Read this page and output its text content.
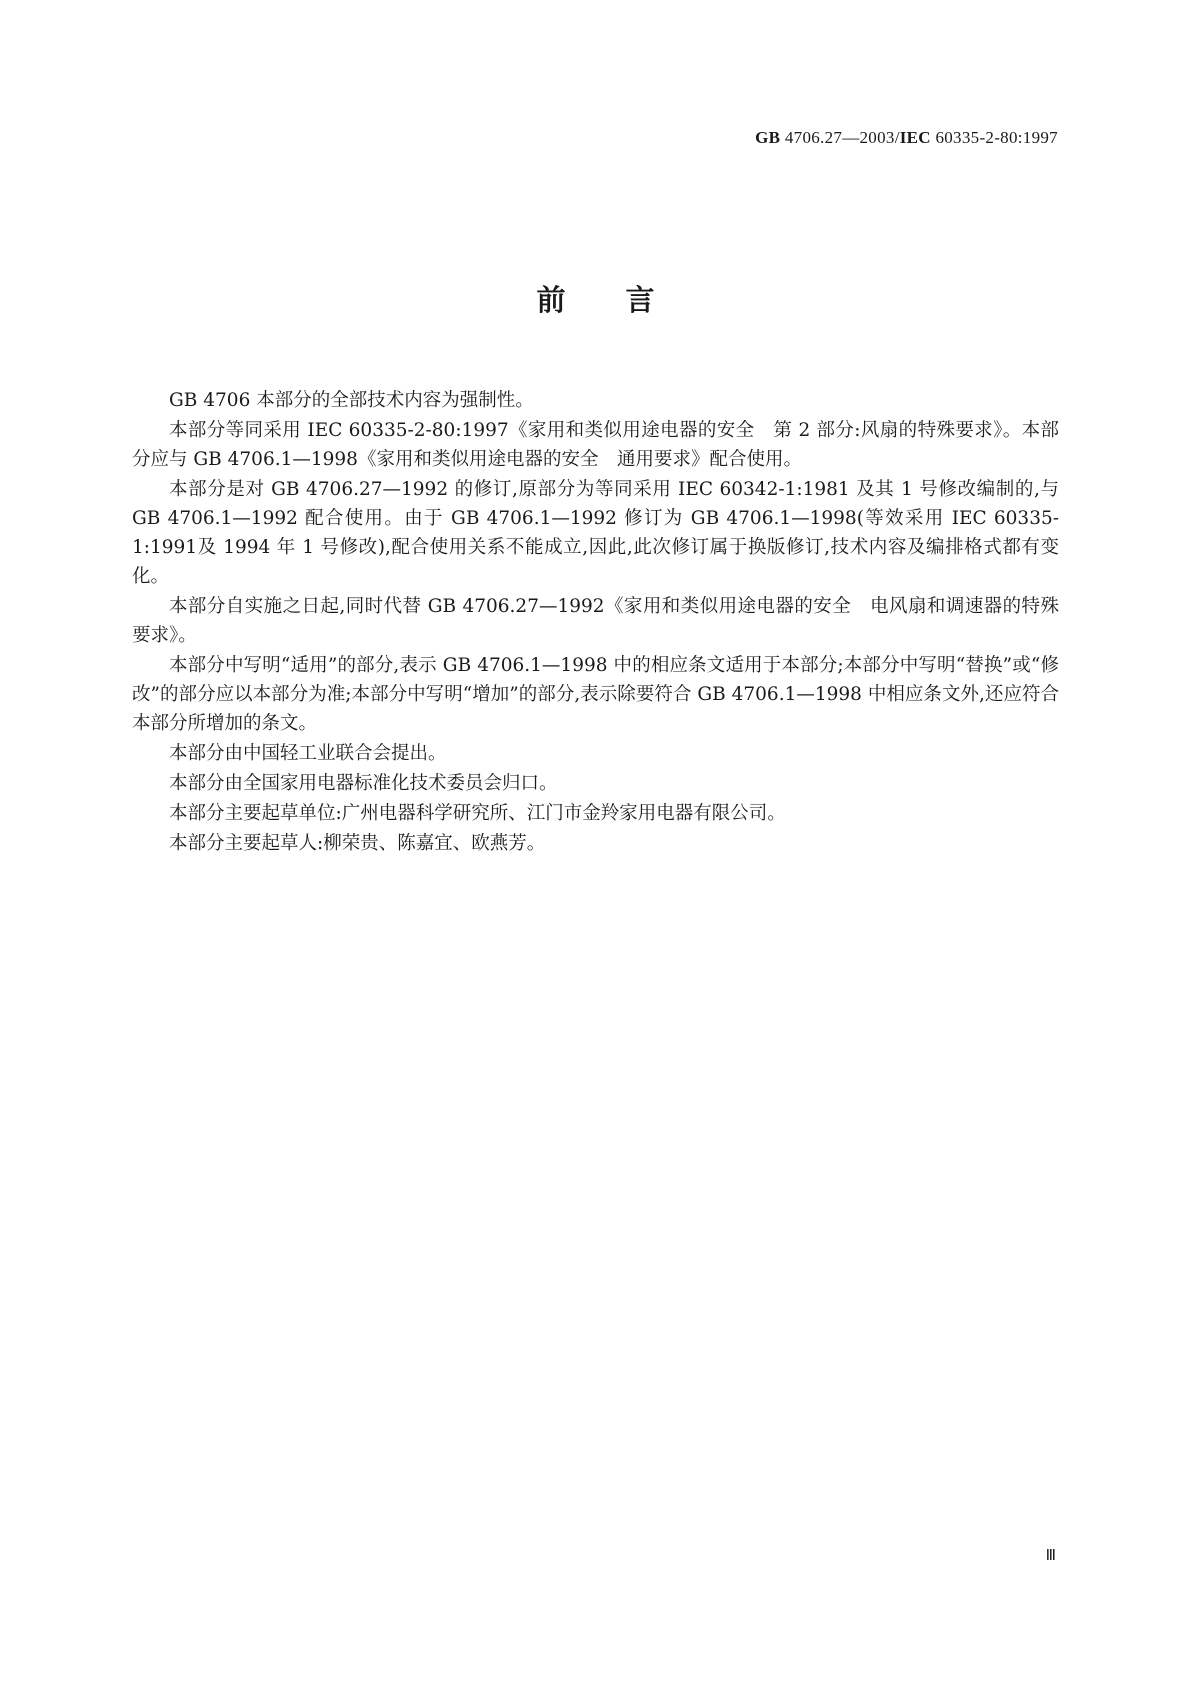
GB 4706.27—2003/IEC 60335-2-80:1997
前言

GB 4706 本部分的全部技术内容为强制性。

本部分等同采用 IEC 60335-2-80:1997《家用和类似用途电器的安全　第 2 部分:风扇的特殊要求》。本部分应与 GB 4706.1—1998《家用和类似用途电器的安全　通用要求》配合使用。

本部分是对 GB 4706.27—1992 的修订,原部分为等同采用 IEC 60342-1:1981 及其 1 号修改编制的,与 GB 4706.1—1992 配合使用。由于 GB 4706.1—1992 修订为 GB 4706.1—1998(等效采用 IEC 60335-1:1991及 1994 年 1 号修改),配合使用关系不能成立,因此,此次修订属于换版修订,技术内容及编排格式都有变化。

本部分自实施之日起,同时代替 GB 4706.27—1992《家用和类似用途电器的安全　电风扇和调速器的特殊要求》。

本部分中写明“适用”的部分,表示 GB 4706.1—1998 中的相应条文适用于本部分;本部分中写明“替换”或“修改”的部分应以本部分为准;本部分中写明“增加”的部分,表示除要符合 GB 4706.1—1998 中相应条文外,还应符合本部分所增加的条文。

本部分由中国轻工业联合会提出。

本部分由全国家用电器标准化技术委员会归口。

本部分主要起草单位:广州电器科学研究所、江门市金羚家用电器有限公司。

本部分主要起草人:柳荣贵、陈嘉宜、欧燕芳。

Ⅲ
